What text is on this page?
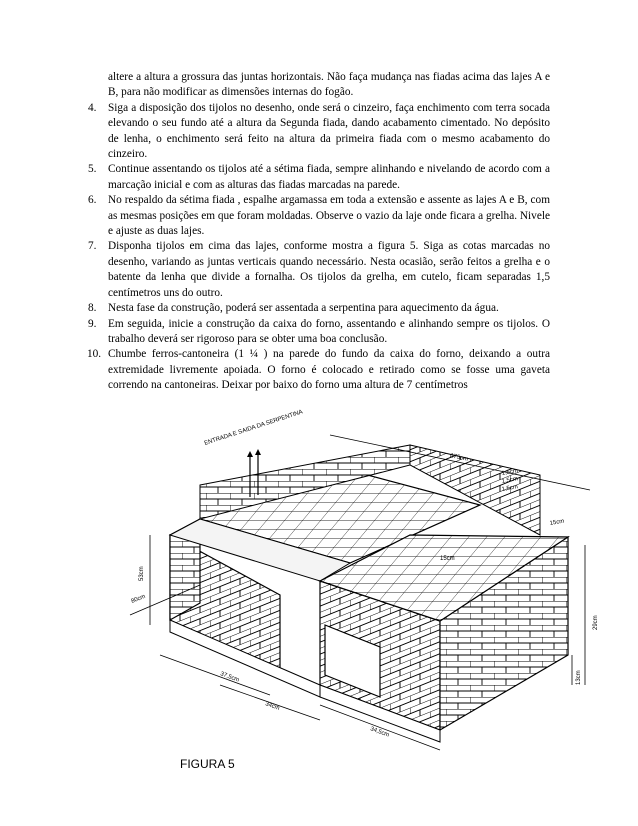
altere a altura a grossura das juntas horizontais. Não faça mudança nas fiadas acima das lajes A e B, para não modificar as dimensões internas do fogão.

4. Siga a disposição dos tijolos no desenho, onde será o cinzeiro, faça enchimento com terra socada elevando o seu fundo até a altura da Segunda fiada, dando acabamento cimentado. No depósito de lenha, o enchimento será feito na altura da primeira fiada com o mesmo acabamento do cinzeiro.

5. Continue assentando os tijolos até a sétima fiada, sempre alinhando e nivelando de acordo com a marcação inicial e com as alturas das fiadas marcadas na parede.

6. No respaldo da sétima fiada , espalhe argamassa em toda a extensão e assente as lajes A e B, com as mesmas posições em que foram moldadas. Observe o vazio da laje onde ficara a grelha. Nivele e ajuste as duas lajes.

7. Disponha tijolos em cima das lajes, conforme mostra a figura 5. Siga as cotas marcadas no desenho, variando as juntas verticais quando necessário. Nesta ocasião, serão feitos a grelha e o batente da lenha que divide a fornalha. Os tijolos da grelha, em cutelo, ficam separadas 1,5 centímetros uns do outro.

8. Nesta fase da construção, poderá ser assentada a serpentina para aquecimento da água.

9. Em seguida, inicie a construção da caixa do forno, assentando e alinhando sempre os tijolos. O trabalho deverá ser rigoroso para se obter uma boa conclusão.

10. Chumbe ferros-cantoneira (1 ¼ ) na parede do fundo da caixa do forno, deixando a outra extremidade livremente apoiada. O forno é colocado e retirado como se fosse uma gaveta correndo na cantoneiras. Deixar por baixo do forno uma altura de 7 centímetros

ENTRADA E SAIDA DA SERPENTINA
175cm
80cm
53cm
37,5cm
34cm
34,5cm
29cm
13cm
15cm
1,5cm
1,5cm
1,5cm
15cm
FIGURA 5
